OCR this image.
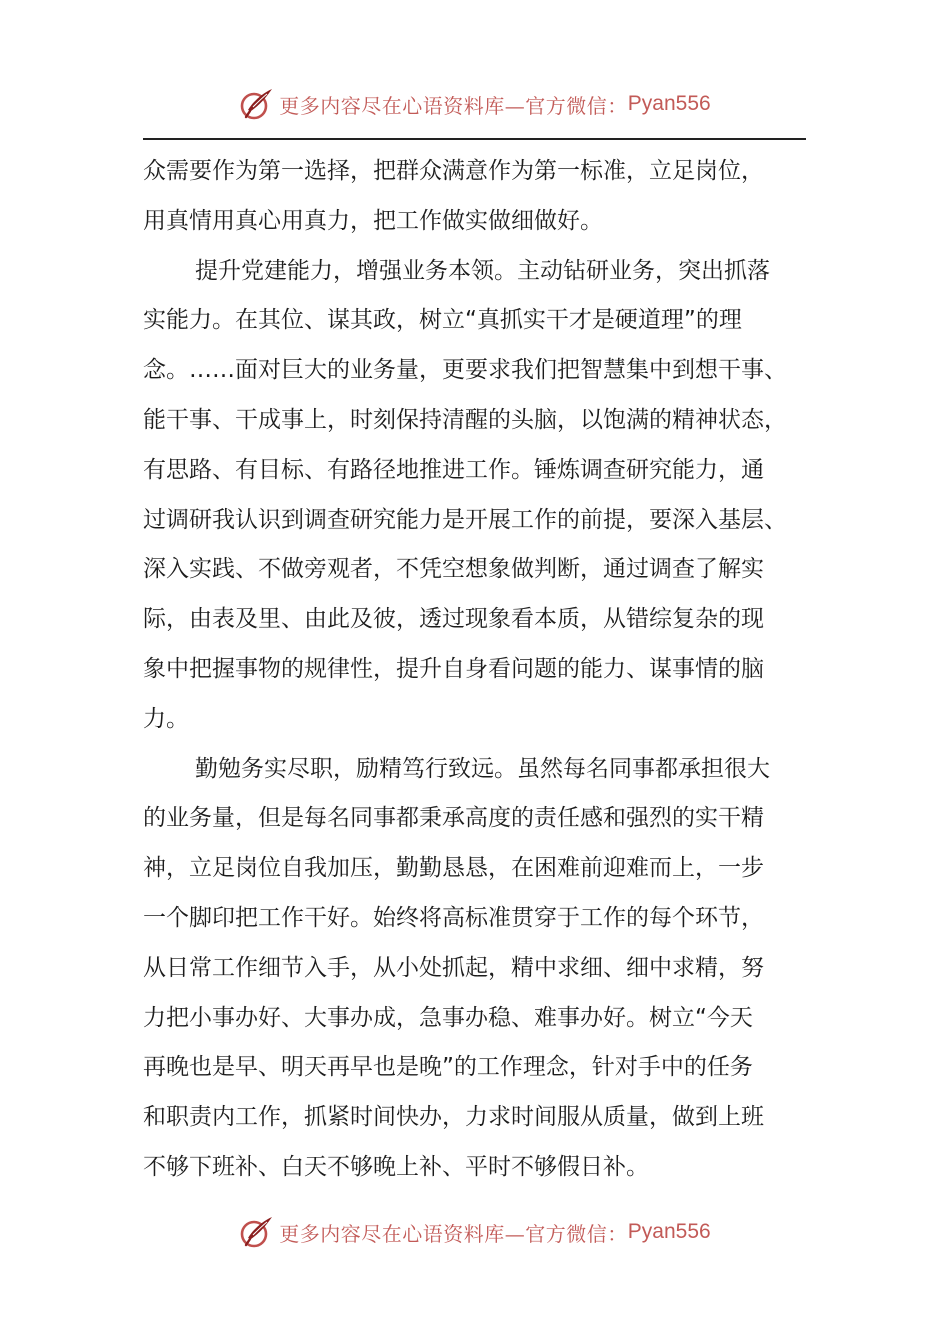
更多内容尽在心语资料库—官方微信： Pyan556
众需要作为第一选择，把群众满意作为第一标准，立足岗位，
用真情用真心用真力，把工作做实做细做好。
提升党建能力，增强业务本领。主动钻研业务，突出抓落
实能力。在其位、谋其政，树立“真抓实干才是硬道理”的理
念。……面对巨大的业务量，更要求我们把智慧集中到想干事、
能干事、干成事上，时刻保持清醒的头脑，以饱满的精神状态，
有思路、有目标、有路径地推进工作。锤炼调查研究能力，通
过调研我认识到调查研究能力是开展工作的前提，要深入基层、
深入实践、不做旁观者，不凭空想象做判断，通过调查了解实
际，由表及里、由此及彼，透过现象看本质，从错综复杂的现
象中把握事物的规律性，提升自身看问题的能力、谋事情的脑
力。
勤勉务实尽职，励精笃行致远。虽然每名同事都承担很大
的业务量，但是每名同事都秉承高度的责任感和强烈的实干精
神，立足岗位自我加压，勤勤恳恳，在困难前迎难而上，一步
一个脚印把工作干好。始终将高标准贯穿于工作的每个环节，
从日常工作细节入手，从小处抓起，精中求细、细中求精，努
力把小事办好、大事办成，急事办稳、难事办好。树立“今天
再晚也是早、明天再早也是晚”的工作理念，针对手中的任务
和职责内工作，抓紧时间快办，力求时间服从质量，做到上班
不够下班补、白天不够晚上补、平时不够假日补。
更多内容尽在心语资料库—官方微信： Pyan556
